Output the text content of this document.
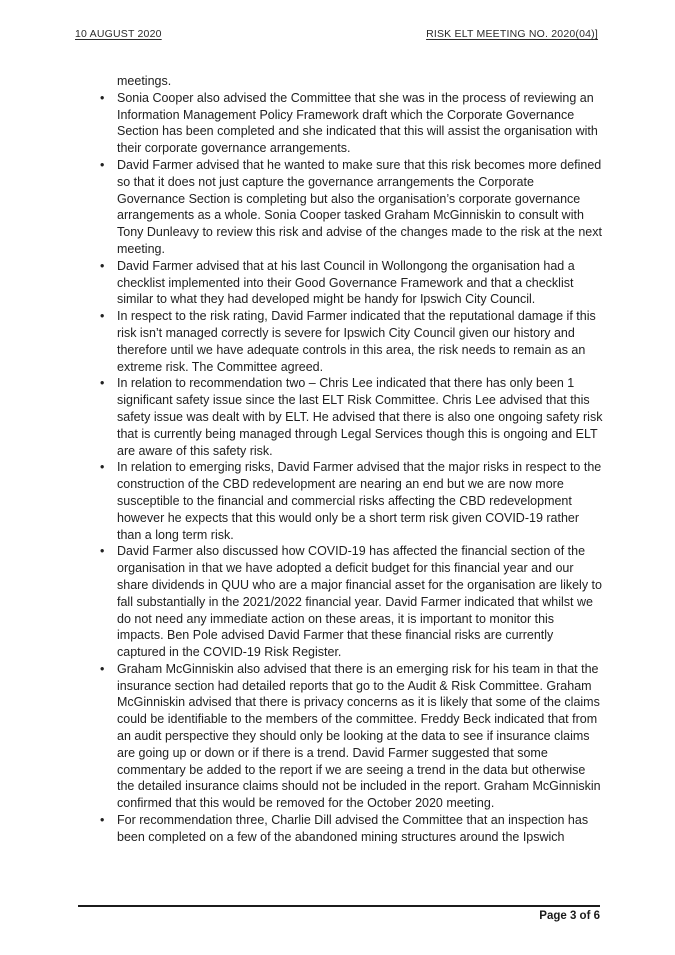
10 AUGUST 2020	RISK ELT MEETING NO. 2020(04)]

meetings.

• Sonia Cooper also advised the Committee that she was in the process of reviewing an Information Management Policy Framework draft which the Corporate Governance Section has been completed and she indicated that this will assist the organisation with their corporate governance arrangements.
• David Farmer advised that he wanted to make sure that this risk becomes more defined so that it does not just capture the governance arrangements the Corporate Governance Section is completing but also the organisation’s corporate governance arrangements as a whole. Sonia Cooper tasked Graham McGinniskin to consult with Tony Dunleavy to review this risk and advise of the changes made to the risk at the next meeting.
• David Farmer advised that at his last Council in Wollongong the organisation had a checklist implemented into their Good Governance Framework and that a checklist similar to what they had developed might be handy for Ipswich City Council.
• In respect to the risk rating, David Farmer indicated that the reputational damage if this risk isn’t managed correctly is severe for Ipswich City Council given our history and therefore until we have adequate controls in this area, the risk needs to remain as an extreme risk. The Committee agreed.
• In relation to recommendation two – Chris Lee indicated that there has only been 1 significant safety issue since the last ELT Risk Committee. Chris Lee advised that this safety issue was dealt with by ELT. He advised that there is also one ongoing safety risk that is currently being managed through Legal Services though this is ongoing and ELT are aware of this safety risk.
• In relation to emerging risks, David Farmer advised that the major risks in respect to the construction of the CBD redevelopment are nearing an end but we are now more susceptible to the financial and commercial risks affecting the CBD redevelopment however he expects that this would only be a short term risk given COVID-19 rather than a long term risk.
• David Farmer also discussed how COVID-19 has affected the financial section of the organisation in that we have adopted a deficit budget for this financial year and our share dividends in QUU who are a major financial asset for the organisation are likely to fall substantially in the 2021/2022 financial year. David Farmer indicated that whilst we do not need any immediate action on these areas, it is important to monitor this impacts. Ben Pole advised David Farmer that these financial risks are currently captured in the COVID-19 Risk Register.
• Graham McGinniskin also advised that there is an emerging risk for his team in that the insurance section had detailed reports that go to the Audit & Risk Committee. Graham McGinniskin advised that there is privacy concerns as it is likely that some of the claims could be identifiable to the members of the committee. Freddy Beck indicated that from an audit perspective they should only be looking at the data to see if insurance claims are going up or down or if there is a trend. David Farmer suggested that some commentary be added to the report if we are seeing a trend in the data but otherwise the detailed insurance claims should not be included in the report. Graham McGinniskin confirmed that this would be removed for the October 2020 meeting.
• For recommendation three, Charlie Dill advised the Committee that an inspection has been completed on a few of the abandoned mining structures around the Ipswich
Page 3 of 6
